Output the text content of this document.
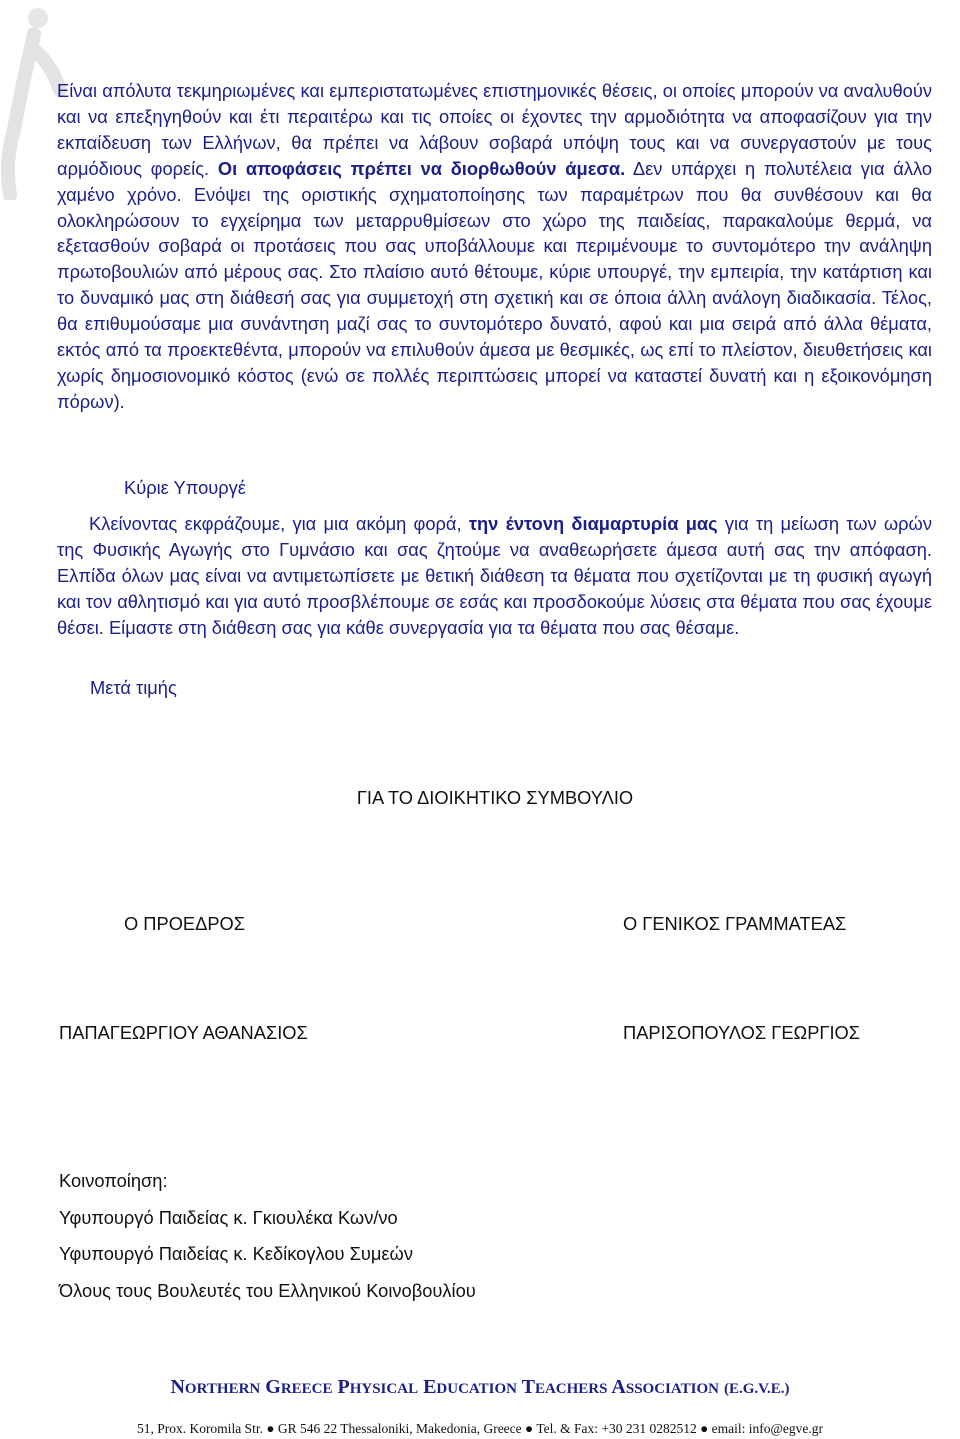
Είναι απόλυτα τεκμηριωμένες και εμπεριστατωμένες επιστημονικές θέσεις, οι οποίες μπορούν να αναλυθούν και να επεξηγηθούν και έτι περαιτέρω και τις οποίες οι έχοντες την αρμοδιότητα να αποφασίζουν για την εκπαίδευση των Ελλήνων, θα πρέπει να λάβουν σοβαρά υπόψη τους και να συνεργαστούν με τους αρμόδιους φορείς. Οι αποφάσεις πρέπει να διορθωθούν άμεσα. Δεν υπάρχει η πολυτέλεια για άλλο χαμένο χρόνο. Ενόψει της οριστικής σχηματοποίησης των παραμέτρων που θα συνθέσουν και θα ολοκληρώσουν το εγχείρημα των μεταρρυθμίσεων στο χώρο της παιδείας, παρακαλούμε θερμά, να εξετασθούν σοβαρά οι προτάσεις που σας υποβάλλουμε και περιμένουμε το συντομότερο την ανάληψη πρωτοβουλιών από μέρους σας. Στο πλαίσιο αυτό θέτουμε, κύριε υπουργέ, την εμπειρία, την κατάρτιση και το δυναμικό μας στη διάθεσή σας για συμμετοχή στη σχετική και σε όποια άλλη ανάλογη διαδικασία. Τέλος, θα επιθυμούσαμε μια συνάντηση μαζί σας το συντομότερο δυνατό, αφού και μια σειρά από άλλα θέματα, εκτός από τα προεκτεθέντα, μπορούν να επιλυθούν άμεσα με θεσμικές, ως επί το πλείστον, διευθετήσεις και χωρίς δημοσιονομικό κόστος (ενώ σε πολλές περιπτώσεις μπορεί να καταστεί δυνατή και η εξοικονόμηση πόρων).

Κύριε Υπουργέ

Κλείνοντας εκφράζουμε, για μια ακόμη φορά, την έντονη διαμαρτυρία μας για τη μείωση των ωρών της Φυσικής Αγωγής στο Γυμνάσιο και σας ζητούμε να αναθεωρήσετε άμεσα αυτή σας την απόφαση. Ελπίδα όλων μας είναι να αντιμετωπίσετε με θετική διάθεση τα θέματα που σχετίζονται με τη φυσική αγωγή και τον αθλητισμό και για αυτό προσβλέπουμε σε εσάς και προσδοκούμε λύσεις στα θέματα που σας έχουμε θέσει. Είμαστε στη διάθεση σας για κάθε συνεργασία για τα θέματα που σας θέσαμε.

Μετά τιμής
ΓΙΑ ΤΟ ΔΙΟΙΚΗΤΙΚΟ ΣΥΜΒΟΥΛΙΟ
Ο ΠΡΟΕΔΡΟΣ	Ο ΓΕΝΙΚΟΣ ΓΡΑΜΜΑΤΕΑΣ
ΠΑΠΑΓΕΩΡΓΙΟΥ ΑΘΑΝΑΣΙΟΣ	ΠΑΡΙΣΟΠΟΥΛΟΣ ΓΕΩΡΓΙΟΣ
Κοινοποίηση:
Υφυπουργό Παιδείας κ. Γκιουλέκα Κων/νο
Υφυπουργό Παιδείας κ. Κεδίκογλου Συμεών
Όλους τους Βουλευτές του Ελληνικού Κοινοβουλίου
NORTHERN GREECE PHYSICAL EDUCATION TEACHERS ASSOCIATION (E.G.V.E.)
51, Prox. Koromila Str. ● GR 546 22 Thessaloniki, Makedonia, Greece ● Tel. & Fax: +30 231 0282512 ● email: info@egve.gr
